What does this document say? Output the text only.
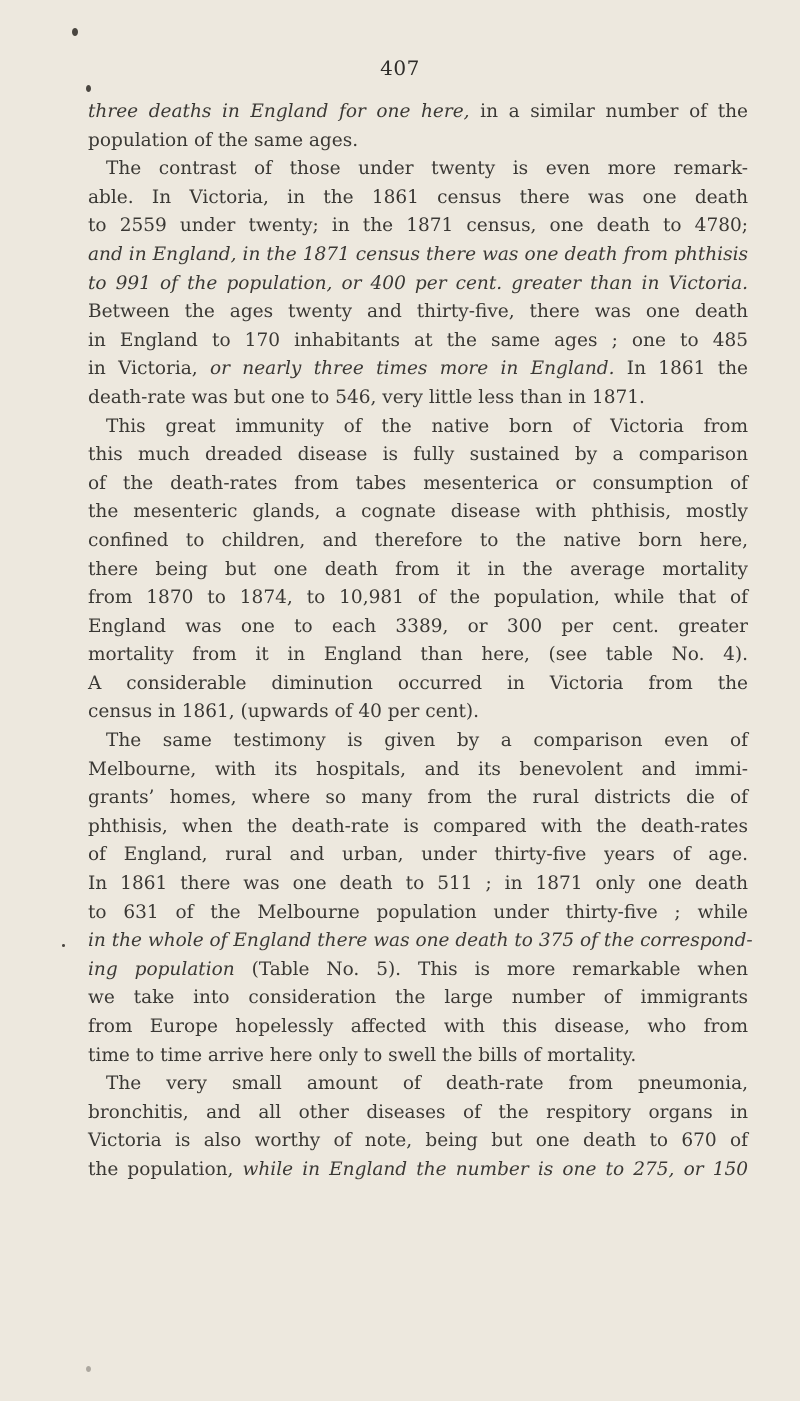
407
three deaths in England for one here, in a similar number of the
population of the same ages.
The contrast of those under twenty is even more remark-
able. In Victoria, in the 1861 census there was one death
to 2559 under twenty; in the 1871 census, one death to 4780;
and in England, in the 1871 census there was one death from phthisis
to 991 of the population, or 400 per cent. greater than in Victoria.
Between the ages twenty and thirty-five, there was one death
in England to 170 inhabitants at the same ages ; one to 485
in Victoria, or nearly three times more in England. In 1861 the
death-rate was but one to 546, very little less than in 1871.
This great immunity of the native born of Victoria from
this much dreaded disease is fully sustained by a comparison
of the death-rates from tabes mesenterica or consumption of
the mesenteric glands, a cognate disease with phthisis, mostly
confined to children, and therefore to the native born here,
there being but one death from it in the average mortality
from 1870 to 1874, to 10,981 of the population, while that of
England was one to each 3389, or 300 per cent. greater
mortality from it in England than here, (see table No. 4).
A considerable diminution occurred in Victoria from the
census in 1861, (upwards of 40 per cent).
The same testimony is given by a comparison even of
Melbourne, with its hospitals, and its benevolent and immi-
grants’ homes, where so many from the rural districts die of
phthisis, when the death-rate is compared with the death-rates
of England, rural and urban, under thirty-five years of age.
In 1861 there was one death to 511 ; in 1871 only one death
to 631 of the Melbourne population under thirty-five ; while
in the whole of England there was one death to 375 of the correspond-
ing population (Table No. 5). This is more remarkable when
we take into consideration the large number of immigrants
from Europe hopelessly affected with this disease, who from
time to time arrive here only to swell the bills of mortality.
The very small amount of death-rate from pneumonia,
bronchitis, and all other diseases of the respitory organs in
Victoria is also worthy of note, being but one death to 670 of
the population, while in England the number is one to 275, or 150
